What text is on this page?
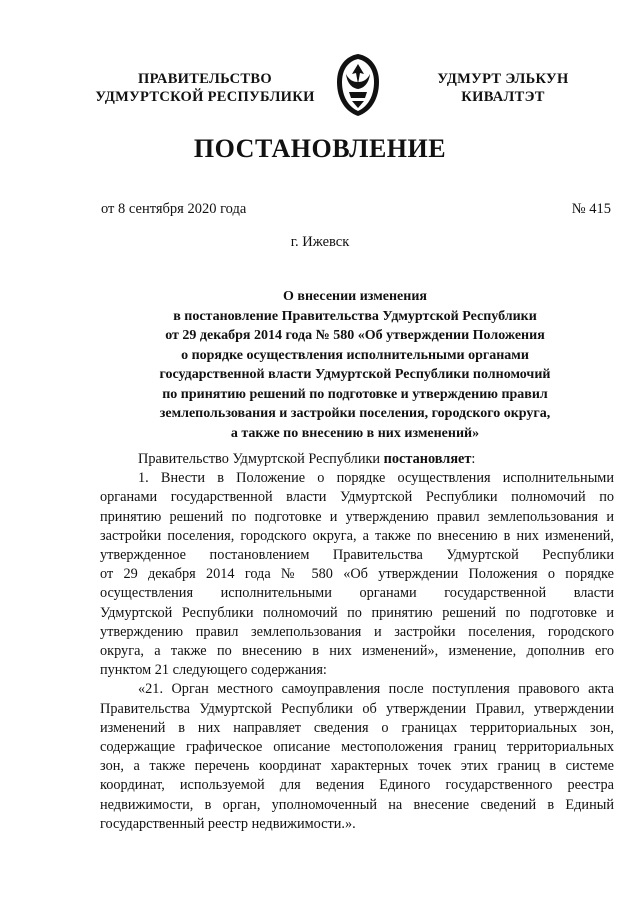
ПРАВИТЕЛЬСТВО
УДМУРТСКОЙ РЕСПУБЛИКИ
УДМУРТ ЭЛЬКУН
КИВАЛТЭТ
ПОСТАНОВЛЕНИЕ
от 8 сентября 2020 года	№ 415
г. Ижевск
О внесении изменения
в постановление Правительства Удмуртской Республики
от 29 декабря 2014 года № 580 «Об утверждении Положения
о порядке осуществления исполнительными органами
государственной власти Удмуртской Республики полномочий
по принятию решений по подготовке и утверждению правил
землепользования и застройки поселения, городского округа,
а также по внесению в них изменений»

Правительство Удмуртской Республики постановляет:

1. Внести в Положение о порядке осуществления исполнительными

органами государственной власти Удмуртской Республики полномочий по

принятию решений по подготовке и утверждению правил землепользования и

застройки поселения, городского округа, а также по внесению в них изменений,

утвержденное постановлением Правительства Удмуртской Республики

от 29 декабря 2014 года № 580 «Об утверждении Положения о порядке

осуществления исполнительными органами государственной власти

Удмуртской Республики полномочий по принятию решений по подготовке и

утверждению правил землепользования и застройки поселения, городского

округа, а также по внесению в них изменений», изменение, дополнив его

пунктом 21 следующего содержания:

«21. Орган местного самоуправления после поступления правового акта

Правительства Удмуртской Республики об утверждении Правил, утверждении

изменений в них направляет сведения о границах территориальных зон,

содержащие графическое описание местоположения границ территориальных

зон, а также перечень координат характерных точек этих границ в системе

координат, используемой для ведения Единого государственного реестра

недвижимости, в орган, уполномоченный на внесение сведений в Единый

государственный реестр недвижимости.».
